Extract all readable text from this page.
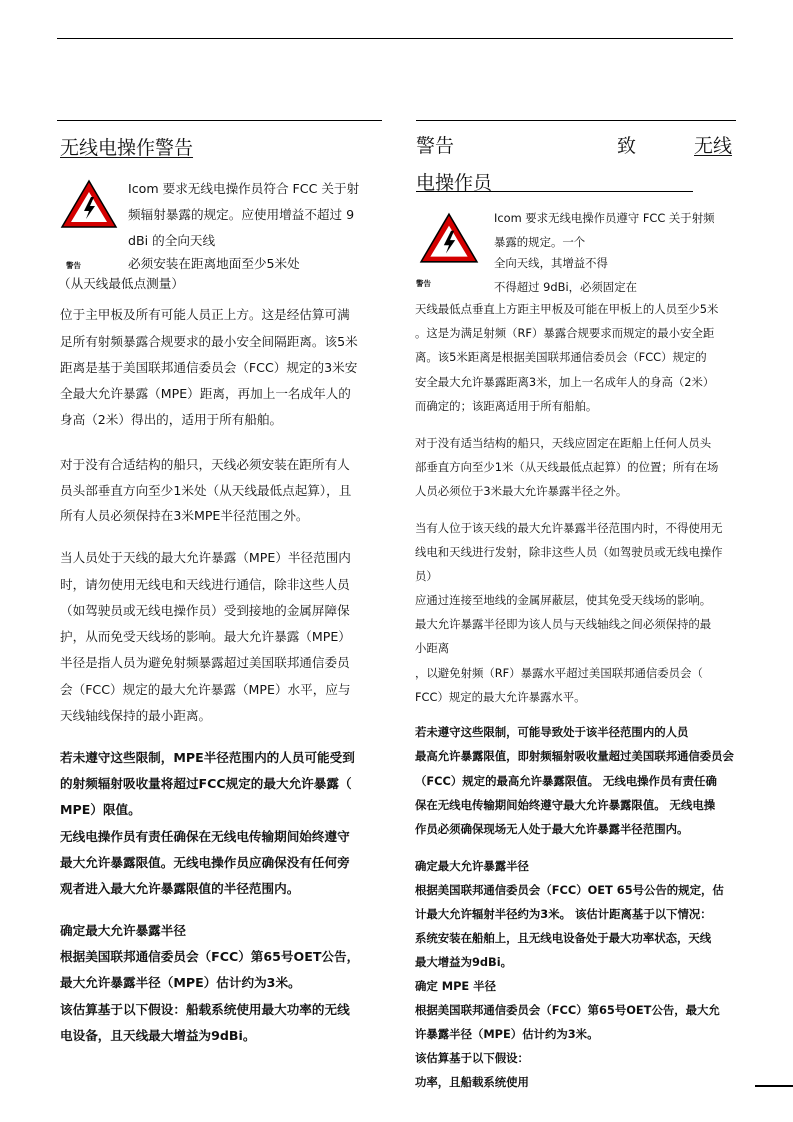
无线电操作警告
警告
Icom 要求无线电操作员符合 FCC 关于射
频辐射暴露的规定。应使用增益不超过 9
dBi 的全向天线
必须安装在距离地面至少5米处
（从天线最低点测量）
位于主甲板及所有可能人员正上方。这是经估算可满
足所有射频暴露合规要求的最小安全间隔距离。该5米
距离是基于美国联邦通信委员会（FCC）规定的3米安
全最大允许暴露（MPE）距离，再加上一名成年人的
身高（2米）得出的，适用于所有船舶。
对于没有合适结构的船只，天线必须安装在距所有人
员头部垂直方向至少1米处（从天线最低点起算），且
所有人员必须保持在3米MPE半径范围之外。
当人员处于天线的最大允许暴露（MPE）半径范围内
时，请勿使用无线电和天线进行通信，除非这些人员
（如驾驶员或无线电操作员）受到接地的金属屏障保
护，从而免受天线场的影响。最大允许暴露（MPE）
半径是指人员为避免射频暴露超过美国联邦通信委员
会（FCC）规定的最大允许暴露（MPE）水平，应与
天线轴线保持的最小距离。
若未遵守这些限制，MPE半径范围内的人员可能受到
的射频辐射吸收量将超过FCC规定的最大允许暴露（
MPE）限值。
无线电操作员有责任确保在无线电传输期间始终遵守
最大允许暴露限值。无线电操作员应确保没有任何旁
观者进入最大允许暴露限值的半径范围内。
确定最大允许暴露半径
根据美国联邦通信委员会（FCC）第65号OET公告，
最大允许暴露半径（MPE）估计约为3米。
该估算基于以下假设：船载系统使用最大功率的无线
电设备，且天线最大增益为9dBi。
警告	致	无线
电操作员
警告
Icom 要求无线电操作员遵守 FCC 关于射频
暴露的规定。一个
全向天线，其增益不得
不得超过 9dBi，必须固定在
天线最低点垂直上方距主甲板及可能在甲板上的人员至少5米
。这是为满足射频（RF）暴露合规要求而规定的最小安全距
离。该5米距离是根据美国联邦通信委员会（FCC）规定的
安全最大允许暴露距离3米，加上一名成年人的身高（2米）
而确定的；该距离适用于所有船舶。
对于没有适当结构的船只，天线应固定在距船上任何人员头
部垂直方向至少1米（从天线最低点起算）的位置；所有在场
人员必须位于3米最大允许暴露半径之外。
当有人位于该天线的最大允许暴露半径范围内时，不得使用无
线电和天线进行发射，除非这些人员（如驾驶员或无线电操作
员）
应通过连接至地线的金属屏蔽层，使其免受天线场的影响。
最大允许暴露半径即为该人员与天线轴线之间必须保持的最
小距离
，以避免射频（RF）暴露水平超过美国联邦通信委员会（
FCC）规定的最大允许暴露水平。
若未遵守这些限制，可能导致处于该半径范围内的人员
最高允许暴露限值，即射频辐射吸收量超过美国联邦通信委员会
（FCC）规定的最高允许暴露限值。 无线电操作员有责任确
保在无线电传输期间始终遵守最大允许暴露限值。 无线电操
作员必须确保现场无人处于最大允许暴露半径范围内。
确定最大允许暴露半径
根据美国联邦通信委员会（FCC）OET 65号公告的规定，估
计最大允许辐射半径约为3米。 该估计距离基于以下情况：
系统安装在船舶上，且无线电设备处于最大功率状态，天线
最大增益为9dBi。
确定 MPE 半径
根据美国联邦通信委员会（FCC）第65号OET公告，最大允
许暴露半径（MPE）估计约为3米。
该估算基于以下假设：
功率，且船载系统使用
